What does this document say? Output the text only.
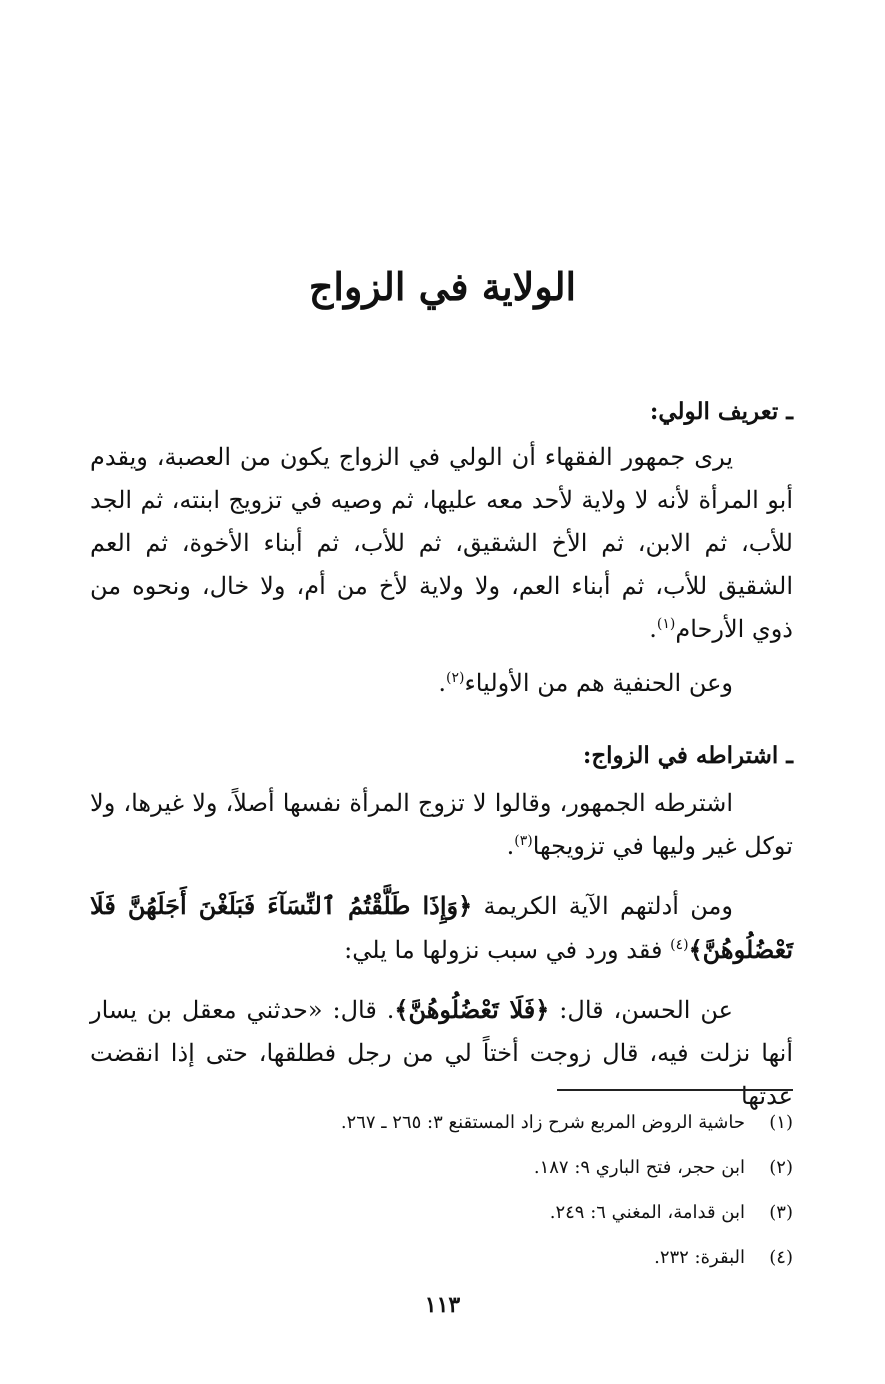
الولاية في الزواج
ـ تعريف الولي:

يرى جمهور الفقهاء أن الولي في الزواج يكون من العصبة، ويقدم أبو المرأة لأنه لا ولاية لأحد معه عليها، ثم وصيه في تزويج ابنته، ثم الجد للأب، ثم الابن، ثم الأخ الشقيق، ثم للأب، ثم أبناء الأخوة، ثم العم الشقيق للأب، ثم أبناء العم، ولا ولاية لأخ من أم، ولا خال، ونحوه من ذوي الأرحام$^{(١)}$.

وعن الحنفية هم من الأولياء$^{(٢)}$.

ـ اشتراطه في الزواج:

اشترطه الجمهور، وقالوا لا تزوج المرأة نفسها أصلاً، ولا غيرها، ولا توكل غير وليها في تزويجها$^{(٣)}$.

ومن أدلتهم الآية الكريمة ﴿وَإِذَا طَلَّقْتُمُ ٱلنِّسَآءَ فَبَلَغْنَ أَجَلَهُنَّ فَلَا تَعْضُلُوهُنَّ﴾$^{(٤)}$ فقد ورد في سبب نزولها ما يلي:

عن الحسن، قال: ﴿فَلَا تَعْضُلُوهُنَّ﴾. قال: «حدثني معقل بن يسار أنها نزلت فيه، قال زوجت أختاً لي من رجل فطلقها، حتى إذا انقضت عدتها

(١)حاشية الروض المربع شرح زاد المستقنع ٣: ٢٦٥ ـ ٢٦٧.
(٢)ابن حجر، فتح الباري ٩: ١٨٧.
(٣)ابن قدامة، المغني ٦: ٢٤٩.
(٤)البقرة: ٢٣٢.
١١٣
